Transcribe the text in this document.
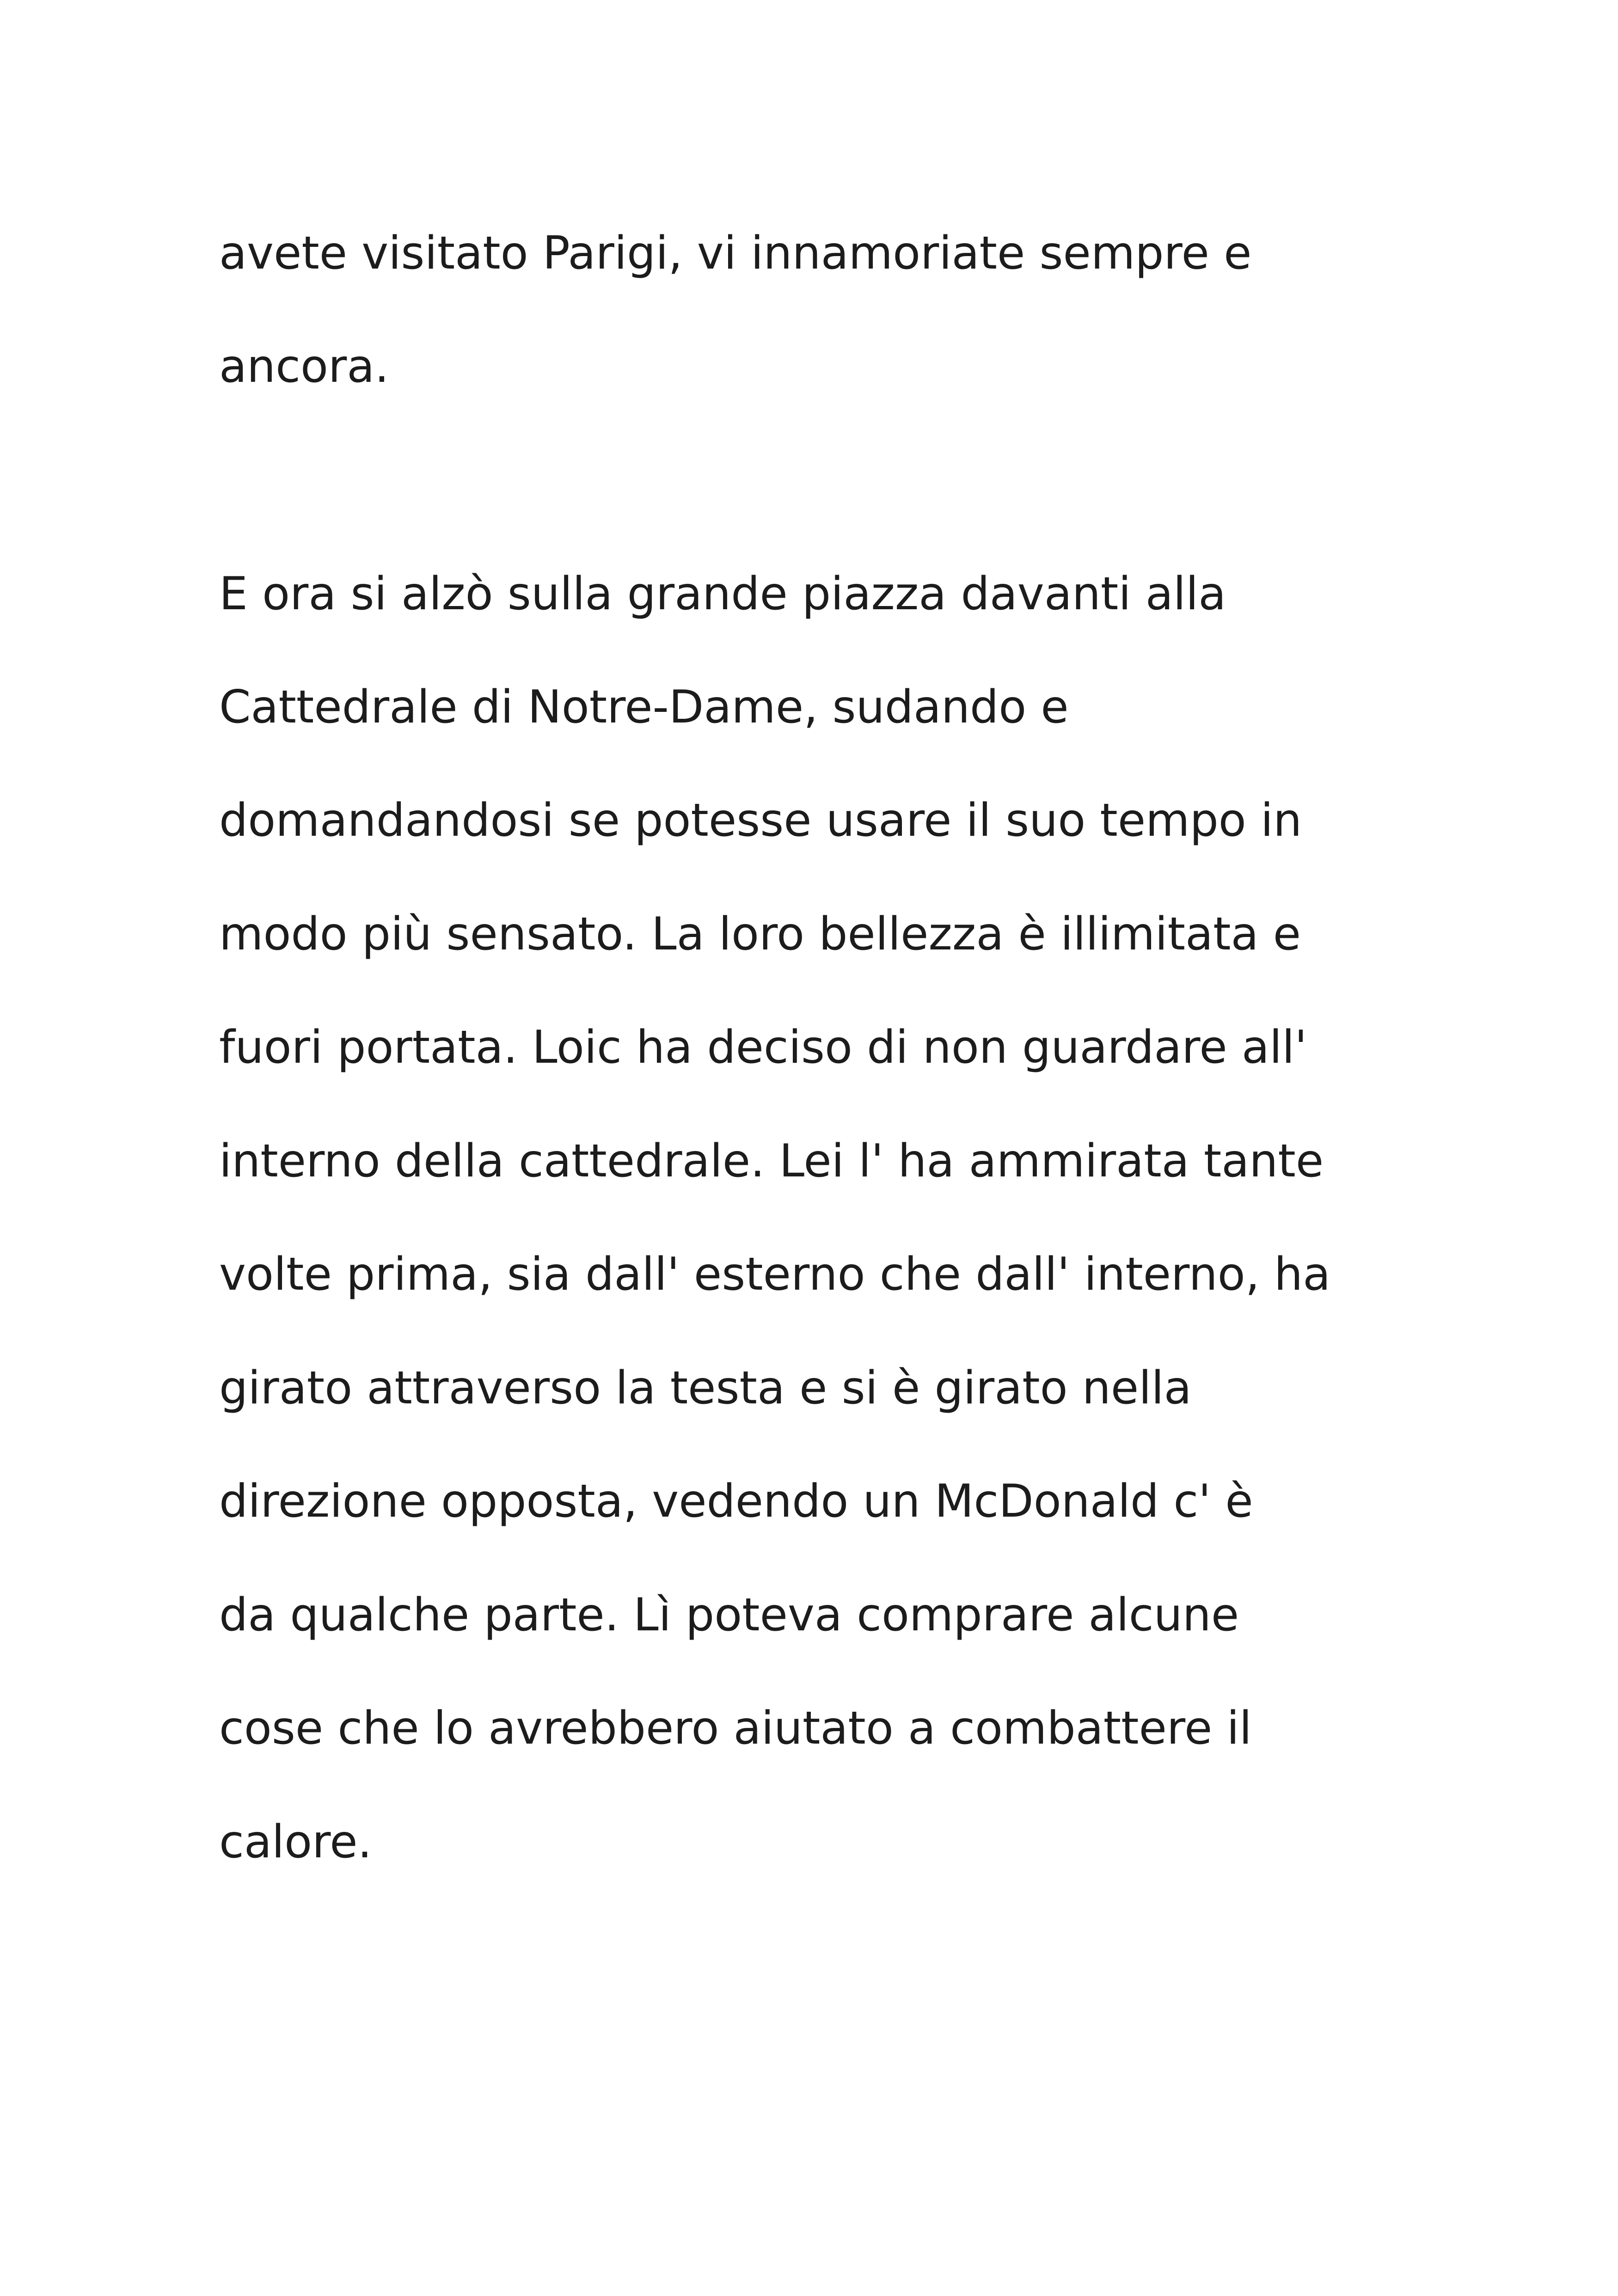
avete visitato Parigi, vi innamoriate sempre e

ancora.

E ora si alzò sulla grande piazza davanti alla

Cattedrale di Notre-Dame, sudando e

domandandosi se potesse usare il suo tempo in

modo più sensato. La loro bellezza è illimitata e

fuori portata. Loic ha deciso di non guardare all'

interno della cattedrale. Lei l' ha ammirata tante

volte prima, sia dall' esterno che dall' interno, ha

girato attraverso la testa e si è girato nella

direzione opposta, vedendo un McDonald c' è

da qualche parte. Lì poteva comprare alcune

cose che lo avrebbero aiutato a combattere il

calore.
